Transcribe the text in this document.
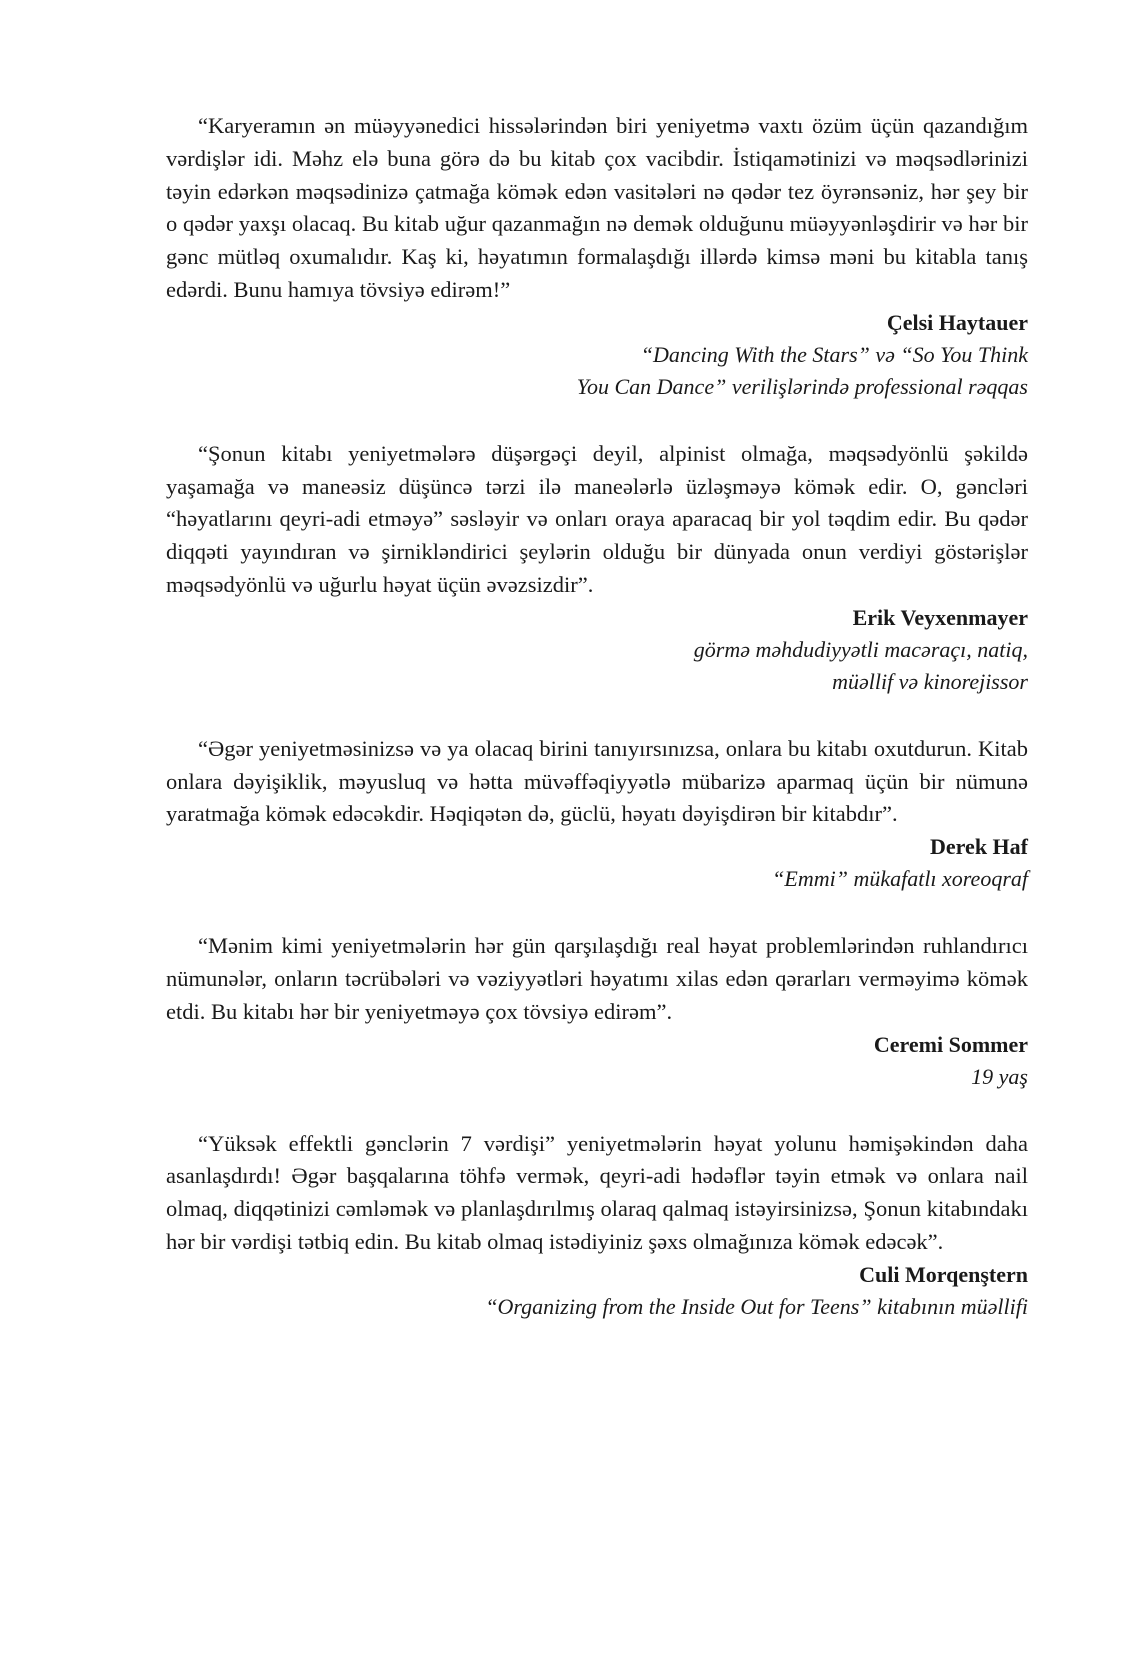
“Karyeramın ən müəyyənedici hissələrindən biri yeniyetmə vaxtı özüm üçün qazandığım vərdişlər idi. Məhz elə buna görə də bu kitab çox vacibdir. İstiqamətinizi və məqsədlərinizi təyin edərkən məqsədinizə çatmağa kömək edən vasitələri nə qədər tez öyrənsəniz, hər şey bir o qədər yaxşı olacaq. Bu kitab uğur qazanmağın nə demək olduğunu müəyyənləşdirir və hər bir gənc mütləq oxumalıdır. Kaş ki, həyatımın formalaşdığı illərdə kimsə məni bu kitabla tanış edərdi. Bunu hamıya tövsiyə edirəm!”

Çelsi Haytauer

“Dancing With the Stars” və “So You Think
You Can Dance” verilişlərində professional rəqqas

“Şonun kitabı yeniyetmələrə düşərgəçi deyil, alpinist olmağa, məqsədyönlü şəkildə yaşamağa və maneəsiz düşüncə tərzi ilə maneələrlə üzləşməyə kömək edir. O, gəncləri “həyatlarını qeyri-adi etməyə” səsləyir və onları oraya aparacaq bir yol təqdim edir. Bu qədər diqqəti yayındıran və şirnikləndirici şeylərin olduğu bir dünyada onun verdiyi göstərişlər məqsədyönlü və uğurlu həyat üçün əvəzsizdir”.

Erik Veyxenmayer

görmə məhdudiyyətli macəraçı, natiq,
müəllif və kinorejissor

“Əgər yeniyetməsinizsə və ya olacaq birini tanıyırsınızsa, onlara bu kitabı oxutdurun. Kitab onlara dəyişiklik, məyusluq və hətta müvəffəqiyyətlə mübarizə aparmaq üçün bir nümunə yaratmağa kömək edəcəkdir. Həqiqətən də, güclü, həyatı dəyişdirən bir kitabdır”.

Derek Haf

“Emmi” mükafatlı xoreoqraf

“Mənim kimi yeniyetmələrin hər gün qarşılaşdığı real həyat problemlərindən ruhlandırıcı nümunələr, onların təcrübələri və vəziyyətləri həyatımı xilas edən qərarları verməyimə kömək etdi. Bu kitabı hər bir yeniyetməyə çox tövsiyə edirəm”.

Ceremi Sommer

19 yaş

“Yüksək effektli gənclərin 7 vərdişi” yeniyetmələrin həyat yolunu həmişəkindən daha asanlaşdırdı! Əgər başqalarına töhfə vermək, qeyri-adi hədəflər təyin etmək və onlara nail olmaq, diqqətinizi cəmləmək və planlaşdırılmış olaraq qalmaq istəyirsinizsə, Şonun kitabındakı hər bir vərdişi tətbiq edin. Bu kitab olmaq istədiyiniz şəxs olmağınıza kömək edəcək”.

Culi Morqenştern

“Organizing from the Inside Out for Teens” kitabının müəllifi
